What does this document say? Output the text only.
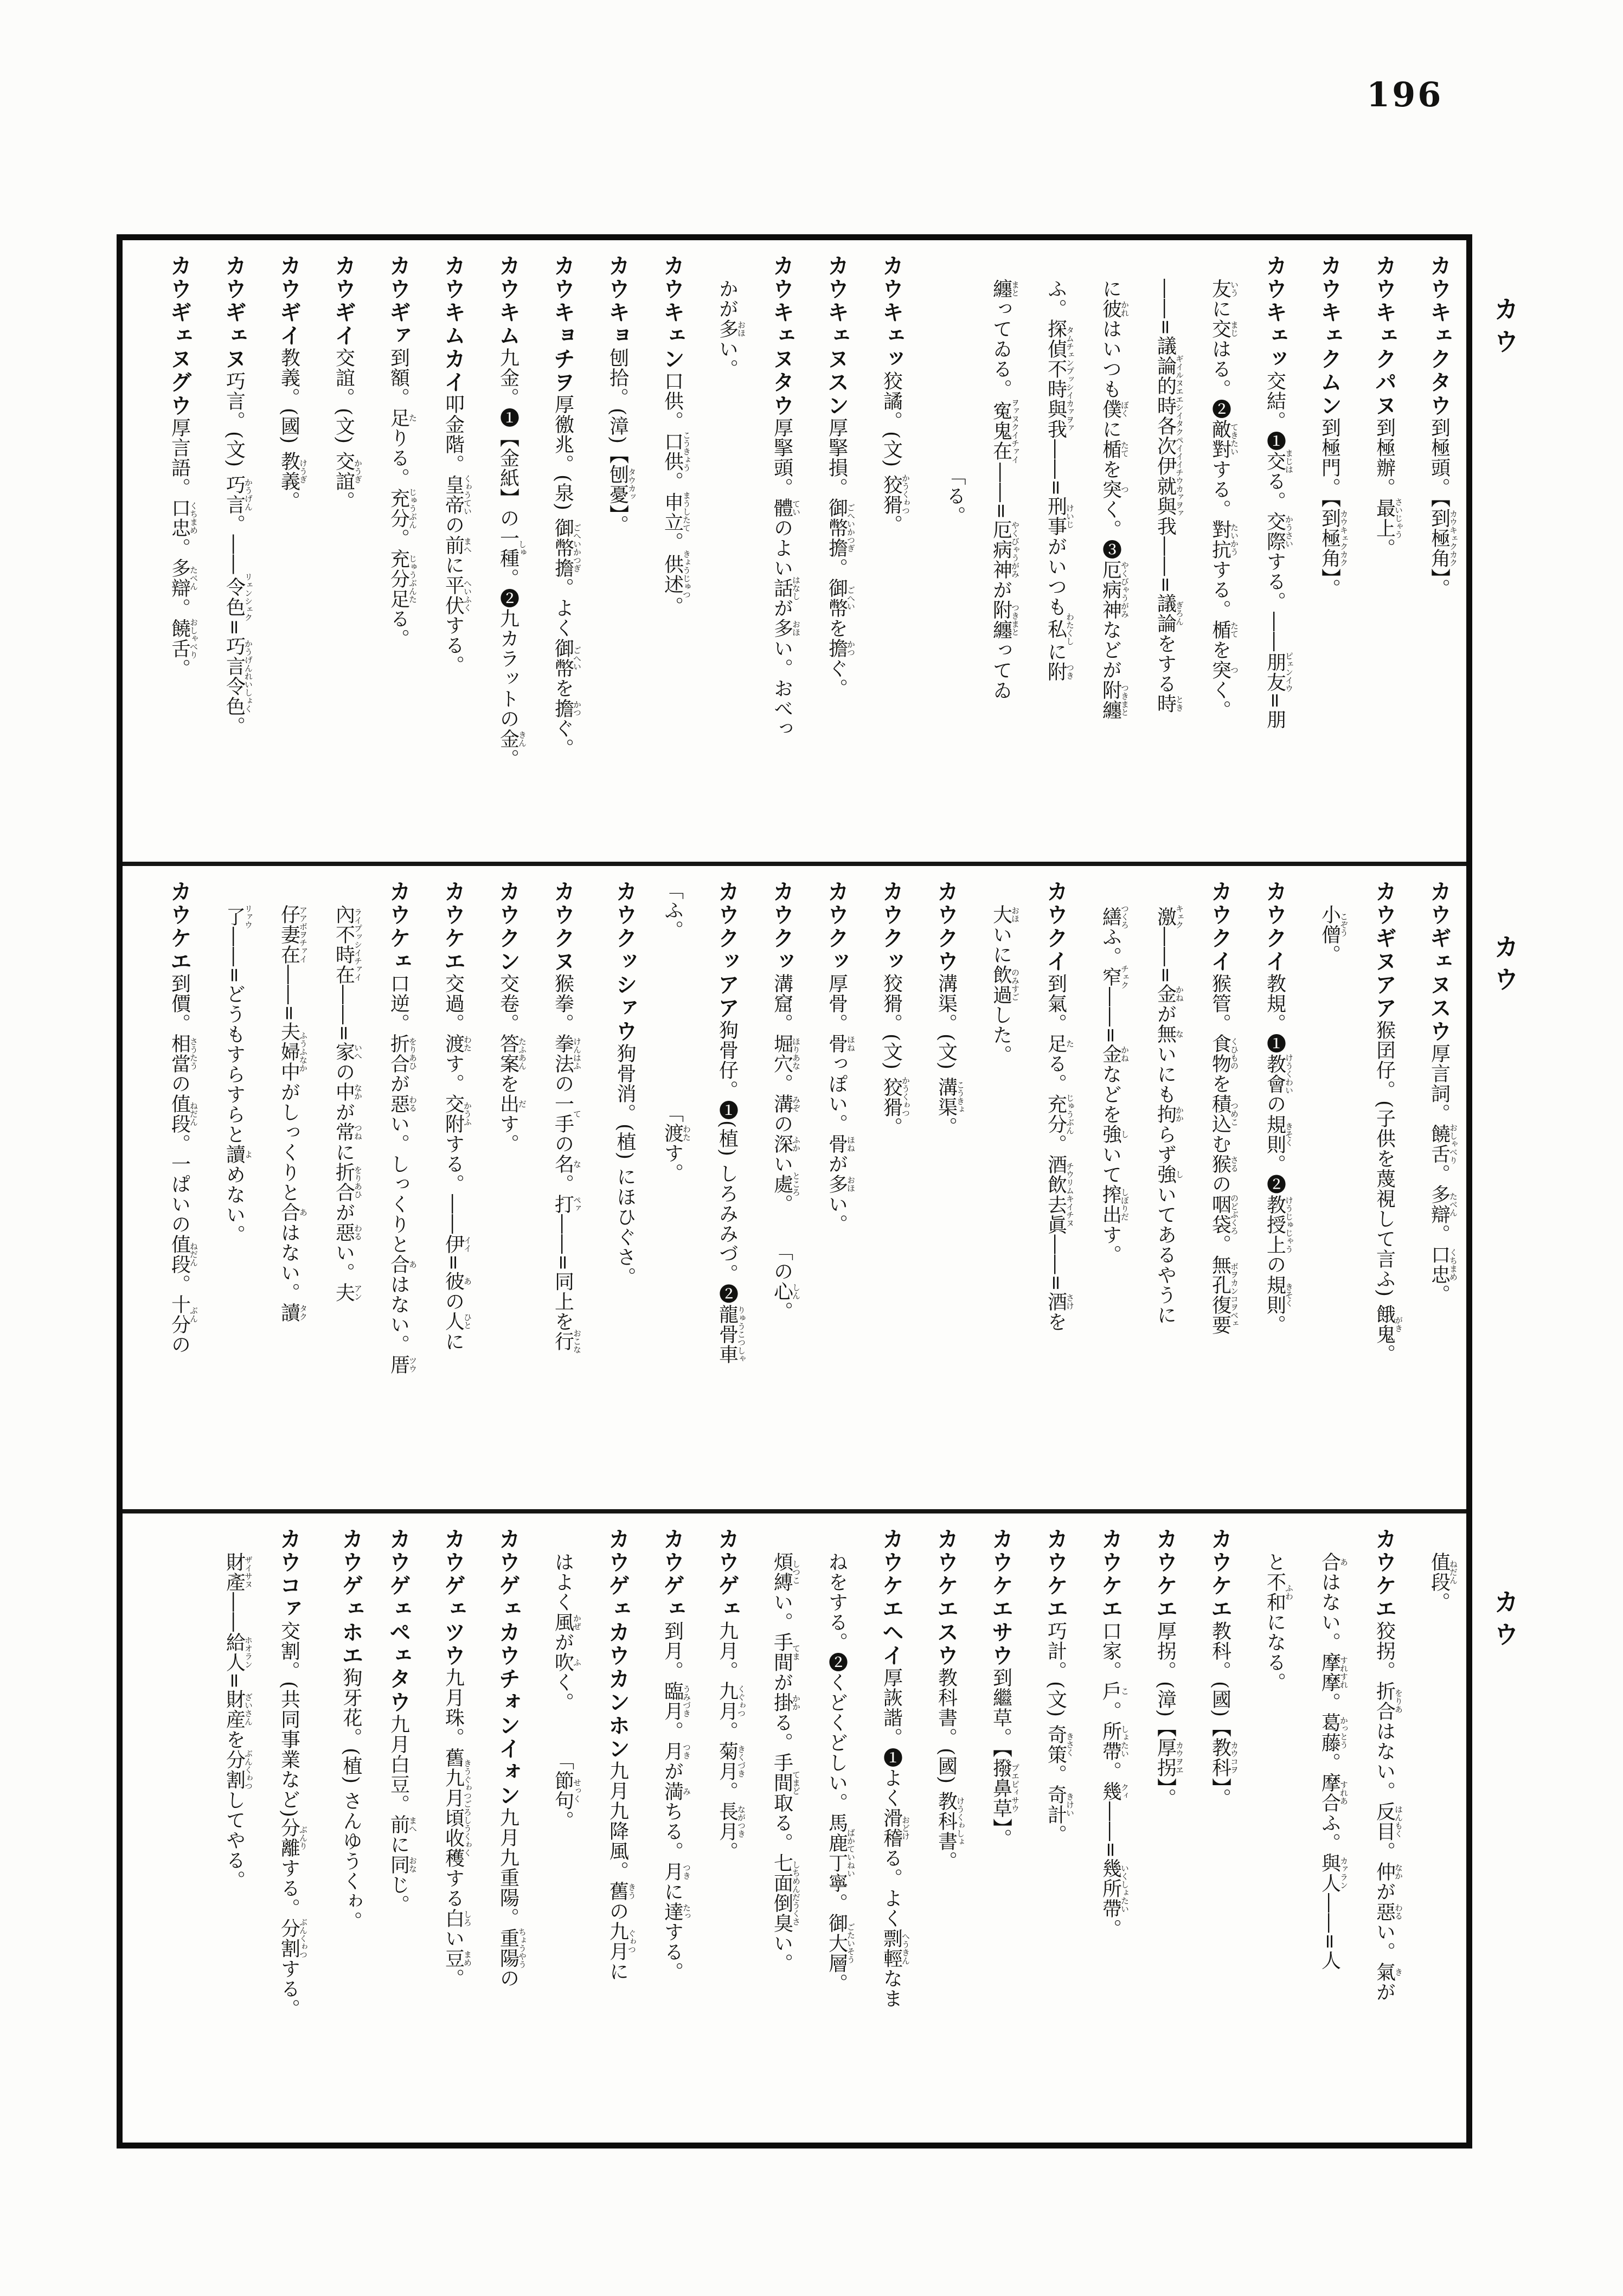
196
カウ
カウ
カウ
カウキェクタウ到極頭。【到極角カウキェクカク】。
カウキェクパヌ到極辦。最上さいじゃう。
カウキェクムン到極門。【到極角カウキェクカク】。
カウキェッ交結。❶交まじはる。交際かうさいする。――朋友ピェンイウ=朋
友いうに交まじはる。❷敵對てきたいする。對抗たいかうする。楯たてを突つく。
――=議論的時各次伊就與我ギイルヌエエシイタクペイイイチウカァヲァ――=議論ぎろんをする時とき
に彼かれはいつも僕ぼくに楯たてを突つく。❸厄病神やくびゃうがみなどが附纏つきまと
ふ。探偵不時與我タムチェンプッシイカァヲァ――=刑事けいじがいつも私わたくしに附つき
纏まとってゐる。寃鬼在ヲァヌクイチァイ――=厄病神やくびゃうがみが附纏つきまとってゐ
「る。
カウキェッ狡譎。(文) 狡猾かうくゎつ。
カウキェヌスン厚掔損。御幣擔ごへいかつぎ。御幣ごへいを擔かつぐ。
カウキェヌタウ厚掔頭。體ていのよい話はなしが多おほい。おべっ
かが多おほい。
カウキェン口供。口供こうきょう。申立まうしたて。供述きょうじゅつ。
カウキョ刨拾。(漳)【刨憂タウカッ】。
カウキョチヲ厚徼兆。(泉) 御幣擔ごへいかつぎ。よく御幣ごへいを擔かつぐ。
カウキム九金。❶【金紙】の一種しゅ。❷九カラットの金きん。
カウキムカイ叩金階。皇帝くゎうていの前まへに平伏へいふくする。
カウギァ到額。足たりる。充分じゅうぶん。充分足じゅうぶんたる。
カウギイ交誼。(文) 交誼かうぎ。
カウギイ教義。(國) 教義けうぎ。
カウギェヌ巧言。(文) 巧言かうげん。――令色リェンシェク=巧言令色かうげんれいしょく。
カウギェヌグウ厚言語。口忠くちまめ。多辯たべん。饒舌おしゃべり。
カウギェヌスウ厚言詞。饒舌おしゃべり。多辯たべん。口忠くちまめ。
カウギヌアア猴囝仔。(子供を蔑視して言ふ) 餓鬼がき。
小僧こぞう。
カウクイ教規。❶教會けうくわいの規則きそく。❷教授上けうじゅじゃうの規則きそく。
カウクイ猴管。食物くひものを積込つめこむ猴さるの咽袋のどぶくろ。無孔復要ボヲカンコヲベェ
激キェク――=金かねが無ないにも拘かからず強しいてあるやうに
繕つくろふ。窄チェク――=金かねなどを強しいて搾出しぼりだす。
カウクイ到氣。足たる。充分じゅうぶん。酒飲去眞チウリムキイチヌ――=酒さけを
大おほいに飲過のみすごした。
カウクウ溝渠。(文) 溝渠こうきょ。
カウクッ狡猾。(文) 狡猾かうくゎつ。
カウクッ厚骨。骨ほねっぽい。骨ほねが多おほい。
カウクッ溝窟。堀穴ほりあな。溝みぞの深ふかい處ところ。「の心しん。
カウクッアア狗骨仔。❶(植) しろみみづ。❷龍骨車りゅうこつしゃ
「ふ。「渡わたす。
カウクッシァウ狗骨消。(植) にほひぐさ。
カウクヌ猴拳。拳法けんはふの一手ての名な。打ペァ――=同上を行おこな
カウクン交卷。答案たふあんを出だす。
カウケエ交過。渡わたす。交附かうふする。――伊イイ=彼あの人ひとに
カウケェ口逆。折合をりあひが惡わるい。しっくりと合あはない。厝ツウ
內不時在ライプッシイチァイ――=家いへの中なかが常つねに折合をりあひが惡わるい。夫アン
仔妻在アアボヲチァイ――=夫婦中ふうふなかがしっくりと合あはない。讀タク
了リァウ――=どうもすらすらと讀よめない。
カウケエ到價。相當さうたうの值段ねだん。一ぱいの值段ねだん。十分ぶんの
值段ねだん。
カウケエ狡拐。折合をりあはない。反目はんもく。仲なかが惡わるい。氣きが
合あはない。摩摩すれすれ。葛藤かっとう。摩合すれあふ。與人カァラン――=人
と不和ふわになる。
カウケエ教科。(國)【教科カウコヲ】。
カウケエ厚拐。(漳)【厚拐カウヲヱ】。
カウケエ口家。戶こ。所帶しょたい。幾クィ――=幾所帶いくしょたい。
カウケエ巧計。(文) 奇策きさく。奇計きけい。
カウケエサウ到繼草。【撥鼻草プエピィサウ】。
カウケエスウ教科書。(國) 教科書けうくゎしょ。
カウケエヘイ厚詼諧。❶よく滑稽おどける。よく剽輕へうきんなま
ねをする。❷くどくどしい。馬鹿丁寧ばかていねい。御大層ごたいそう。
煩縛しつこい。手間てまが掛かかる。手間取てまどる。七面倒臭しちめんだうくさい。
カウゲェ九月。九月くぐゎつ。菊月きくづき。長月ながつき。
カウゲェ到月。臨月うみづき。月つきが満みちる。月つきに達たっする。
カウゲェカウカンホン九月九降風。舊きうの九月ぐゎつに
はよく風かぜが吹ふく。「節句せっく。
カウゲェカウチォンイォン九月九重陽。重陽ちょうやうの
カウゲェツウ九月珠。舊九月頃收穫きうぐゎつごろしうくゎくする白しろい豆まめ。
カウゲェペェタウ九月白豆。前まへに同おなじ。
カウゲェホエ狗牙花。(植) さんゆうくゎ。
カウコァ交割。(共同事業など)分離ぶんりする。分割ぶんくゎつする。
財產ザイサヌ――給人ホオラン=財産ざいさんを分割ぶんくゎつしてやる。
